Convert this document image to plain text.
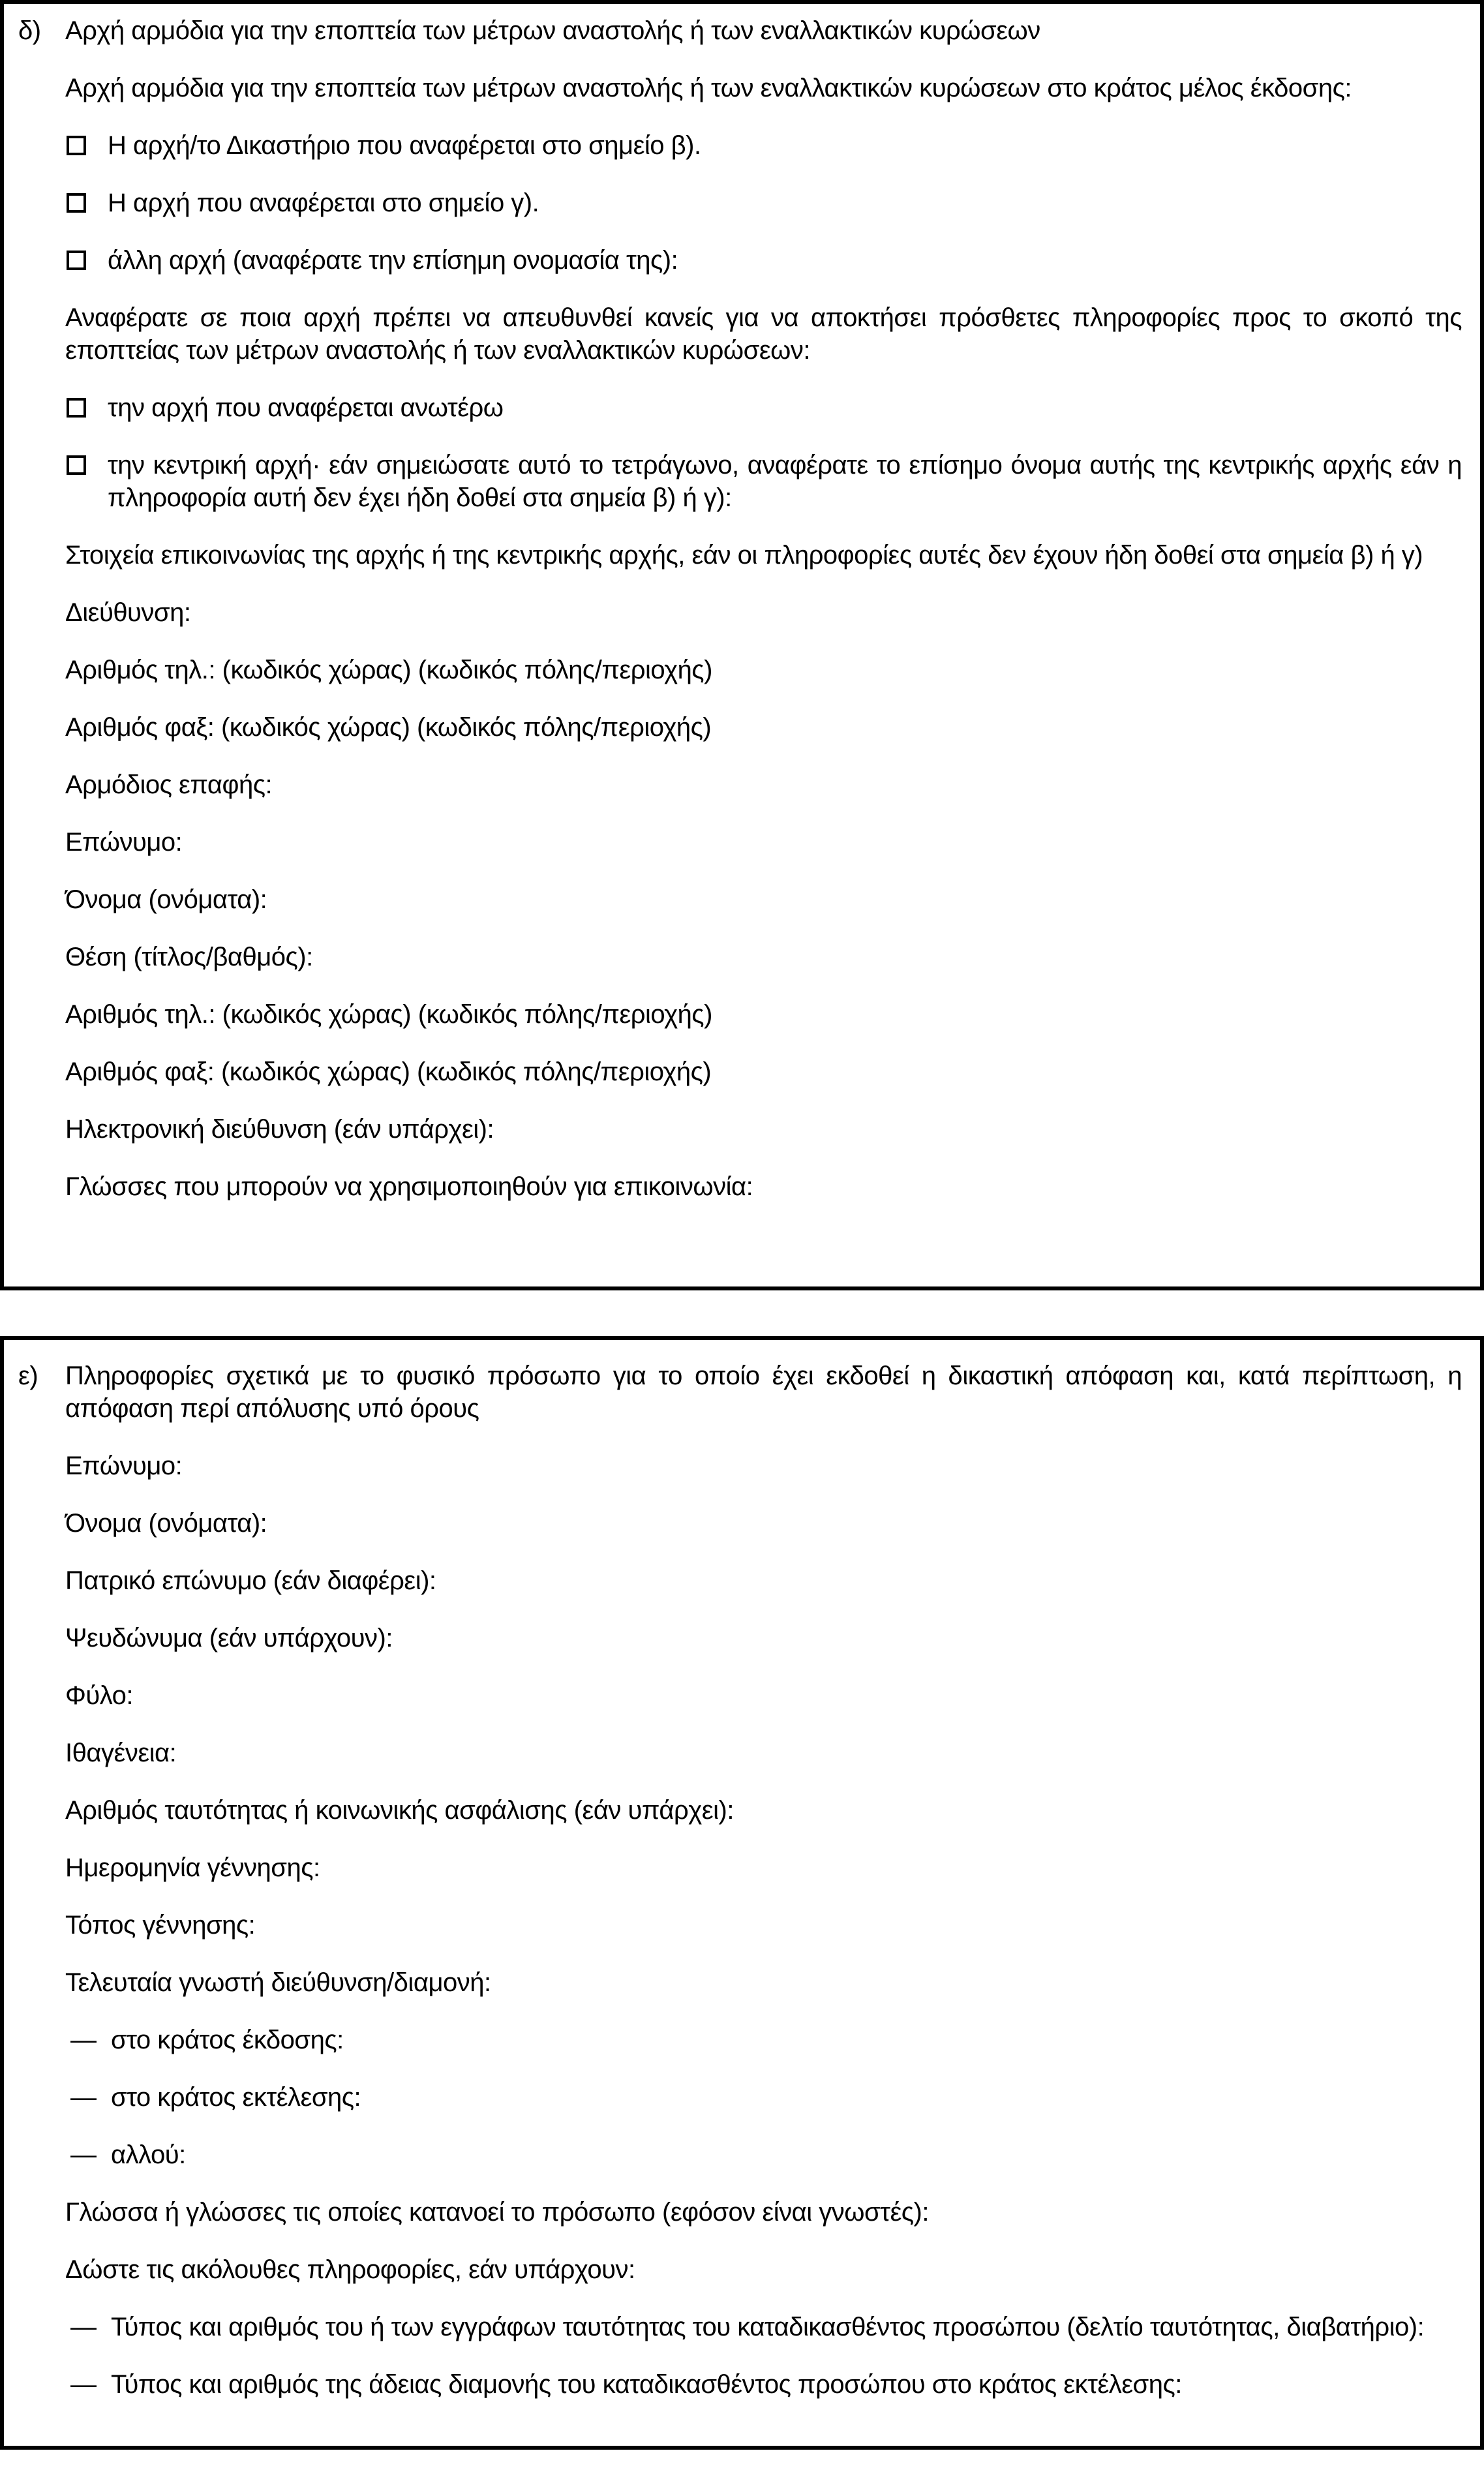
δ) Αρχή αρμόδια για την εποπτεία των μέτρων αναστολής ή των εναλλακτικών κυρώσεων

Αρχή αρμόδια για την εποπτεία των μέτρων αναστολής ή των εναλλακτικών κυρώσεων στο κράτος μέλος έκδοσης:

Η αρχή/το Δικαστήριο που αναφέρεται στο σημείο β).
Η αρχή που αναφέρεται στο σημείο γ).
άλλη αρχή (αναφέρατε την επίσημη ονομασία της):

Αναφέρατε σε ποια αρχή πρέπει να απευθυνθεί κανείς για να αποκτήσει πρόσθετες πληροφορίες προς το σκοπό της εποπτείας των μέτρων αναστολής ή των εναλλακτικών κυρώσεων:

την αρχή που αναφέρεται ανωτέρω
την κεντρική αρχή· εάν σημειώσατε αυτό το τετράγωνο, αναφέρατε το επίσημο όνομα αυτής της κεντρικής αρχής εάν η πληροφορία αυτή δεν έχει ήδη δοθεί στα σημεία β) ή γ):

Στοιχεία επικοινωνίας της αρχής ή της κεντρικής αρχής, εάν οι πληροφορίες αυτές δεν έχουν ήδη δοθεί στα σημεία β) ή γ)

Διεύθυνση:

Αριθμός τηλ.: (κωδικός χώρας) (κωδικός πόλης/περιοχής)

Αριθμός φαξ: (κωδικός χώρας) (κωδικός πόλης/περιοχής)

Αρμόδιος επαφής:

Επώνυμο:

Όνομα (ονόματα):

Θέση (τίτλος/βαθμός):

Αριθμός τηλ.: (κωδικός χώρας) (κωδικός πόλης/περιοχής)

Αριθμός φαξ: (κωδικός χώρας) (κωδικός πόλης/περιοχής)

Ηλεκτρονική διεύθυνση (εάν υπάρχει):

Γλώσσες που μπορούν να χρησιμοποιηθούν για επικοινωνία:

ε) Πληροφορίες σχετικά με το φυσικό πρόσωπο για το οποίο έχει εκδοθεί η δικαστική απόφαση και, κατά περίπτωση, η απόφαση περί απόλυσης υπό όρους

Επώνυμο:

Όνομα (ονόματα):

Πατρικό επώνυμο (εάν διαφέρει):

Ψευδώνυμα (εάν υπάρχουν):

Φύλο:

Ιθαγένεια:

Αριθμός ταυτότητας ή κοινωνικής ασφάλισης (εάν υπάρχει):

Ημερομηνία γέννησης:

Τόπος γέννησης:

Τελευταία γνωστή διεύθυνση/διαμονή:

— στο κράτος έκδοσης:
— στο κράτος εκτέλεσης:
— αλλού:

Γλώσσα ή γλώσσες τις οποίες κατανοεί το πρόσωπο (εφόσον είναι γνωστές):

Δώστε τις ακόλουθες πληροφορίες, εάν υπάρχουν:

— Τύπος και αριθμός του ή των εγγράφων ταυτότητας του καταδικασθέντος προσώπου (δελτίο ταυτότητας, διαβατήριο):
— Τύπος και αριθμός της άδειας διαμονής του καταδικασθέντος προσώπου στο κράτος εκτέλεσης:
